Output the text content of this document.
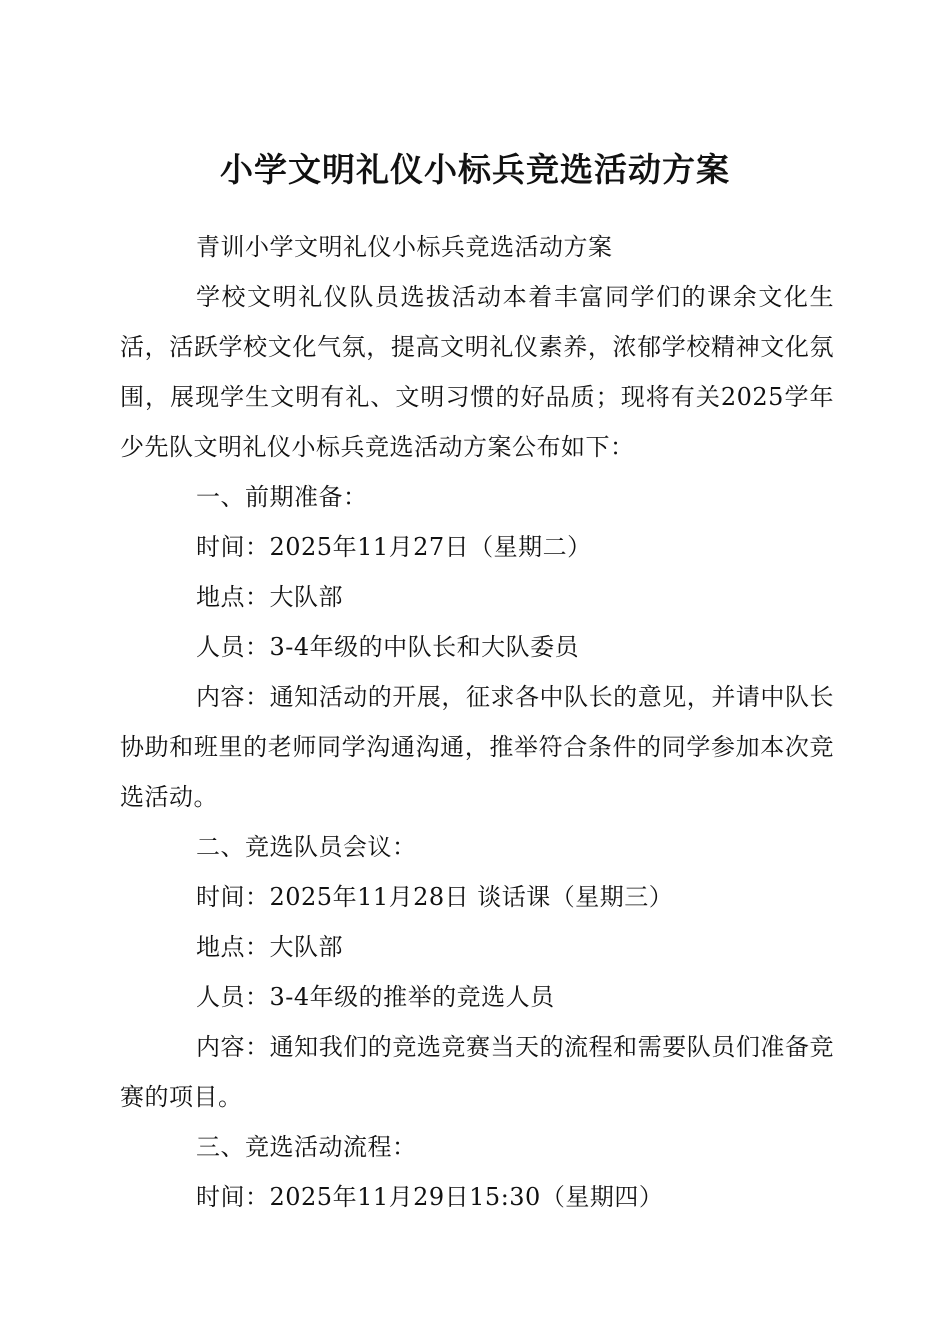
小学文明礼仪小标兵竞选活动方案

青训小学文明礼仪小标兵竞选活动方案

学校文明礼仪队员选拔活动本着丰富同学们的课余文化生活，活跃学校文化气氛，提高文明礼仪素养，浓郁学校精神文化氛围，展现学生文明有礼、文明习惯的好品质；现将有关2025学年少先队文明礼仪小标兵竞选活动方案公布如下：

一、前期准备：

时间：2025年11月27日（星期二）

地点：大队部

人员：3-4年级的中队长和大队委员

内容：通知活动的开展，征求各中队长的意见，并请中队长协助和班里的老师同学沟通沟通，推举符合条件的同学参加本次竞选活动。

二、竞选队员会议：

时间：2025年11月28日 谈话课（星期三）

地点：大队部

人员：3-4年级的推举的竞选人员

内容：通知我们的竞选竞赛当天的流程和需要队员们准备竞赛的项目。

三、竞选活动流程：

时间：2025年11月29日15:30（星期四）
